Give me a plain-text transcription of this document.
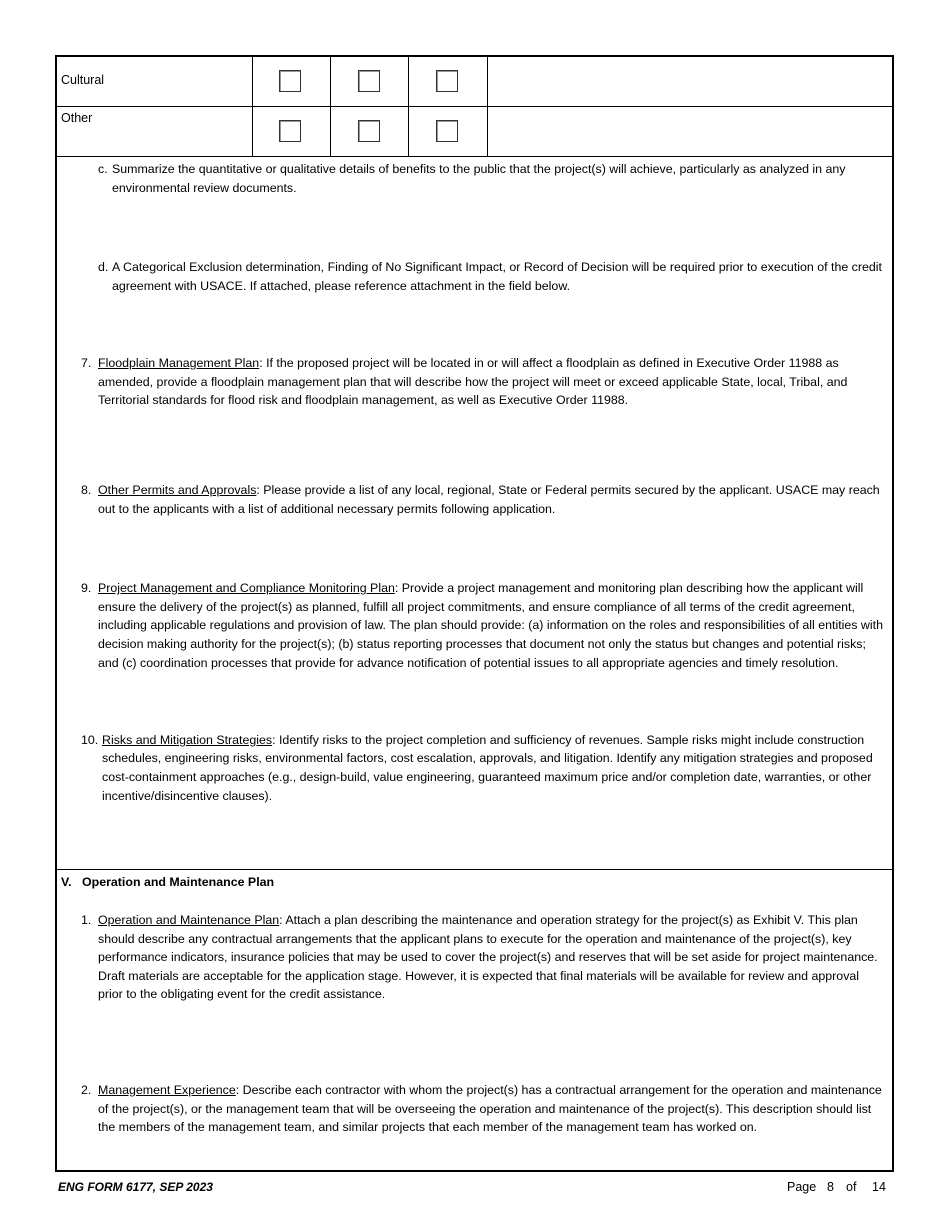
Cultural
Other
c. Summarize the quantitative or qualitative details of benefits to the public that the project(s) will achieve, particularly as analyzed in any
environmental review documents.
d. A Categorical Exclusion determination, Finding of No Significant Impact, or Record of Decision will be required prior to execution of the credit
agreement with USACE. If attached, please reference attachment in the field below.
7. Floodplain Management Plan: If the proposed project will be located in or will affect a floodplain as defined in Executive Order 11988 as
amended, provide a floodplain management plan that will describe how the project will meet or exceed applicable State, local, Tribal, and
Territorial standards for flood risk and floodplain management, as well as Executive Order 11988.
8. Other Permits and Approvals: Please provide a list of any local, regional, State or Federal permits secured by the applicant. USACE may reach
out to the applicants with a list of additional necessary permits following application.
9. Project Management and Compliance Monitoring Plan: Provide a project management and monitoring plan describing how the applicant will
ensure the delivery of the project(s) as planned, fulfill all project commitments, and ensure compliance of all terms of the credit agreement,
including applicable regulations and provision of law. The plan should provide: (a) information on the roles and responsibilities of all entities with
decision making authority for the project(s); (b) status reporting processes that document not only the status but changes and potential risks;
and (c) coordination processes that provide for advance notification of potential issues to all appropriate agencies and timely resolution.
10. Risks and Mitigation Strategies: Identify risks to the project completion and sufficiency of revenues. Sample risks might include construction
schedules, engineering risks, environmental factors, cost escalation, approvals, and litigation. Identify any mitigation strategies and proposed
cost-containment approaches (e.g., design-build, value engineering, guaranteed maximum price and/or completion date, warranties, or other
incentive/disincentive clauses).
V. Operation and Maintenance Plan
1. Operation and Maintenance Plan: Attach a plan describing the maintenance and operation strategy for the project(s) as Exhibit V. This plan
should describe any contractual arrangements that the applicant plans to execute for the operation and maintenance of the project(s), key
performance indicators, insurance policies that may be used to cover the project(s) and reserves that will be set aside for project maintenance.
Draft materials are acceptable for the application stage. However, it is expected that final materials will be available for review and approval
prior to the obligating event for the credit assistance.
2. Management Experience: Describe each contractor with whom the project(s) has a contractual arrangement for the operation and maintenance
of the project(s), or the management team that will be overseeing the operation and maintenance of the project(s). This description should list
the members of the management team, and similar projects that each member of the management team has worked on.
ENG FORM 6177, SEP 2023	Page 8 of 14
